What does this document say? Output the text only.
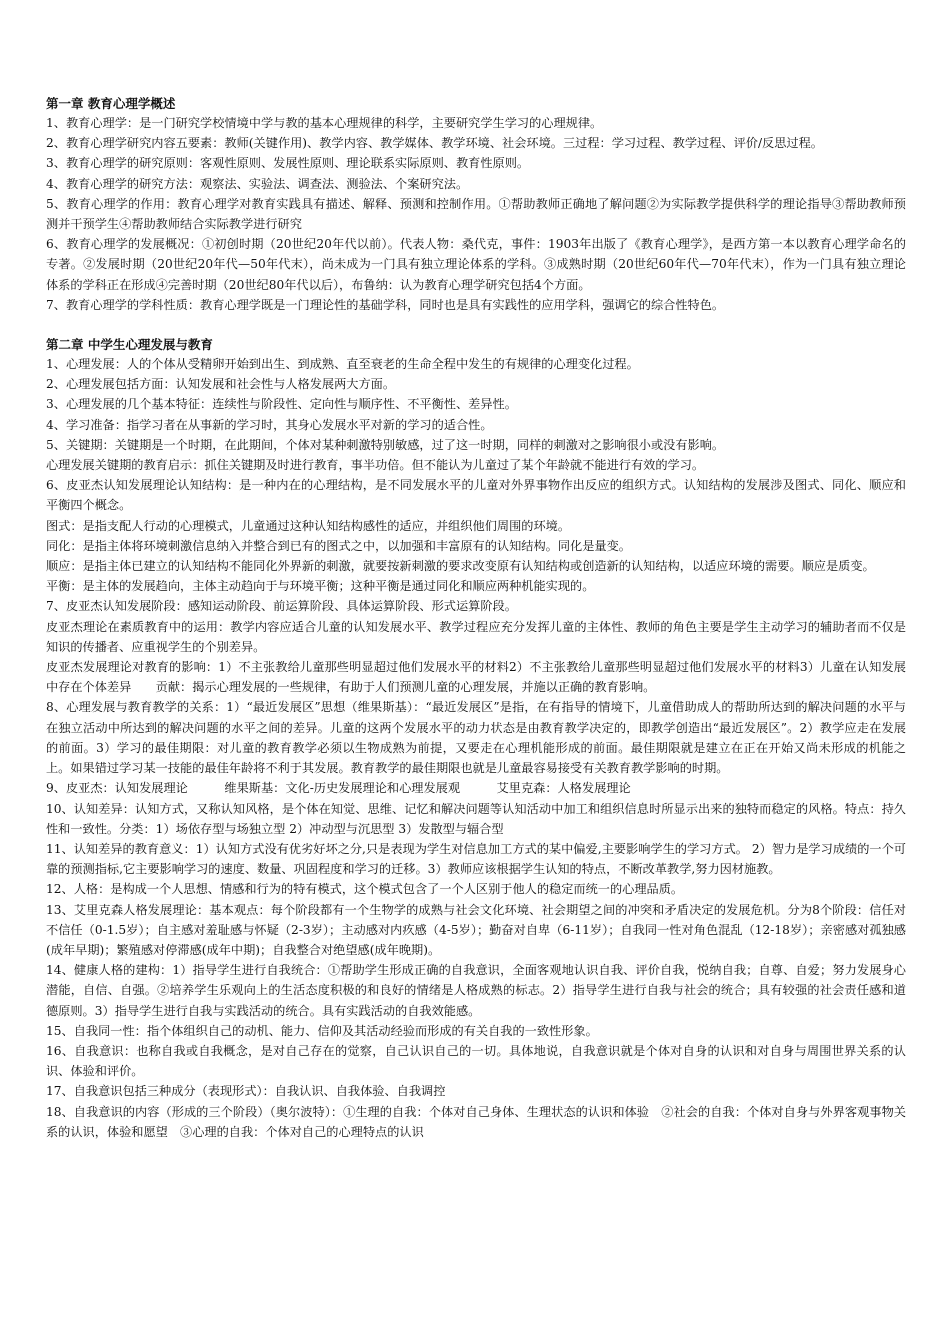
第一章 教育心理学概述

1、教育心理学：是一门研究学校情境中学与教的基本心理规律的科学，主要研究学生学习的心理规律。

2、教育心理学研究内容五要素：教师(关键作用)、教学内容、教学媒体、教学环境、社会环境。三过程：学习过程、教学过程、评价/反思过程。

3、教育心理学的研究原则：客观性原则、发展性原则、理论联系实际原则、教育性原则。

4、教育心理学的研究方法：观察法、实验法、调查法、测验法、个案研究法。

5、教育心理学的作用：教育心理学对教育实践具有描述、解释、预测和控制作用。①帮助教师正确地了解问题②为实际教学提供科学的理论指导③帮助教师预测并干预学生④帮助教师结合实际教学进行研究

6、教育心理学的发展概况：①初创时期（20世纪20年代以前）。代表人物：桑代克，事件：1903年出版了《教育心理学》，是西方第一本以教育心理学命名的专著。②发展时期（20世纪20年代—50年代末），尚未成为一门具有独立理论体系的学科。③成熟时期（20世纪60年代—70年代末），作为一门具有独立理论体系的学科正在形成④完善时期（20世纪80年代以后），布鲁纳：认为教育心理学研究包括4个方面。

7、教育心理学的学科性质：教育心理学既是一门理论性的基础学科，同时也是具有实践性的应用学科，强调它的综合性特色。

第二章 中学生心理发展与教育

1、心理发展：人的个体从受精卵开始到出生、到成熟、直至衰老的生命全程中发生的有规律的心理变化过程。

2、心理发展包括方面：认知发展和社会性与人格发展两大方面。

3、心理发展的几个基本特征：连续性与阶段性、定向性与顺序性、不平衡性、差异性。

4、学习准备：指学习者在从事新的学习时，其身心发展水平对新的学习的适合性。

5、关键期：关键期是一个时期，在此期间，个体对某种刺激特别敏感，过了这一时期，同样的刺激对之影响很小或没有影响。

心理发展关键期的教育启示：抓住关键期及时进行教育，事半功倍。但不能认为儿童过了某个年龄就不能进行有效的学习。

6、皮亚杰认知发展理论认知结构：是一种内在的心理结构，是不同发展水平的儿童对外界事物作出反应的组织方式。认知结构的发展涉及图式、同化、顺应和平衡四个概念。

图式：是指支配人行动的心理模式，儿童通过这种认知结构感性的适应，并组织他们周围的环境。

同化：是指主体将环境刺激信息纳入并整合到已有的图式之中，以加强和丰富原有的认知结构。同化是量变。

顺应：是指主体已建立的认知结构不能同化外界新的刺激，就要按新刺激的要求改变原有认知结构或创造新的认知结构，以适应环境的需要。顺应是质变。

平衡：是主体的发展趋向，主体主动趋向于与环境平衡；这种平衡是通过同化和顺应两种机能实现的。

7、皮亚杰认知发展阶段：感知运动阶段、前运算阶段、具体运算阶段、形式运算阶段。

皮亚杰理论在素质教育中的运用：教学内容应适合儿童的认知发展水平、教学过程应充分发挥儿童的主体性、教师的角色主要是学生主动学习的辅助者而不仅是知识的传播者、应重视学生的个别差异。

皮亚杰发展理论对教育的影响：1）不主张教给儿童那些明显超过他们发展水平的材料2）不主张教给儿童那些明显超过他们发展水平的材料3）儿童在认知发展中存在个体差异　　贡献：揭示心理发展的一些规律，有助于人们预测儿童的心理发展，并施以正确的教育影响。

8、心理发展与教育教学的关系：1）“最近发展区”思想（维果斯基）：“最近发展区”是指，在有指导的情境下，儿童借助成人的帮助所达到的解决问题的水平与在独立活动中所达到的解决问题的水平之间的差异。儿童的这两个发展水平的动力状态是由教育教学决定的，即教学创造出“最近发展区”。2）教学应走在发展的前面。3）学习的最佳期限：对儿童的教育教学必须以生物成熟为前提，又要走在心理机能形成的前面。最佳期限就是建立在正在开始又尚未形成的机能之上。如果错过学习某一技能的最佳年龄将不利于其发展。教育教学的最佳期限也就是儿童最容易接受有关教育教学影响的时期。

9、皮亚杰：认知发展理论　　　维果斯基：文化-历史发展理论和心理发展观　　　艾里克森：人格发展理论

10、认知差异：认知方式，又称认知风格，是个体在知觉、思维、记忆和解决问题等认知活动中加工和组织信息时所显示出来的独特而稳定的风格。特点：持久性和一致性。分类：1）场依存型与场独立型 2）冲动型与沉思型 3）发散型与辐合型

11、认知差异的教育意义：1）认知方式没有优劣好坏之分,只是表现为学生对信息加工方式的某中偏爱,主要影响学生的学习方式。 2）智力是学习成绩的一个可靠的预测指标,它主要影响学习的速度、数量、巩固程度和学习的迁移。3）教师应该根据学生认知的特点，不断改革教学,努力因材施教。

12、人格：是构成一个人思想、情感和行为的特有模式，这个模式包含了一个人区别于他人的稳定而统一的心理品质。

13、艾里克森人格发展理论：基本观点：每个阶段都有一个生物学的成熟与社会文化环境、社会期望之间的冲突和矛盾决定的发展危机。分为8个阶段：信任对不信任（0-1.5岁）；自主感对羞耻感与怀疑（2-3岁）；主动感对内疚感（4-5岁）；勤奋对自卑（6-11岁）；自我同一性对角色混乱（12-18岁）；亲密感对孤独感(成年早期)；繁殖感对停滞感(成年中期)；自我整合对绝望感(成年晚期)。

14、健康人格的建构：1）指导学生进行自我统合：①帮助学生形成正确的自我意识，全面客观地认识自我、评价自我，悦纳自我；自尊、自爱；努力发展身心潜能，自信、自强。②培养学生乐观向上的生活态度积极的和良好的情绪是人格成熟的标志。2）指导学生进行自我与社会的统合；具有较强的社会责任感和道德原则。3）指导学生进行自我与实践活动的统合。具有实践活动的自我效能感。

15、自我同一性：指个体组织自己的动机、能力、信仰及其活动经验而形成的有关自我的一致性形象。

16、自我意识：也称自我或自我概念，是对自己存在的觉察，自己认识自己的一切。具体地说，自我意识就是个体对自身的认识和对自身与周围世界关系的认识、体验和评价。

17、自我意识包括三种成分（表现形式）：自我认识、自我体验、自我调控

18、自我意识的内容（形成的三个阶段）（奥尔波特）：①生理的自我：个体对自己身体、生理状态的认识和体验　②社会的自我：个体对自身与外界客观事物关系的认识，体验和愿望　③心理的自我：个体对自己的心理特点的认识
